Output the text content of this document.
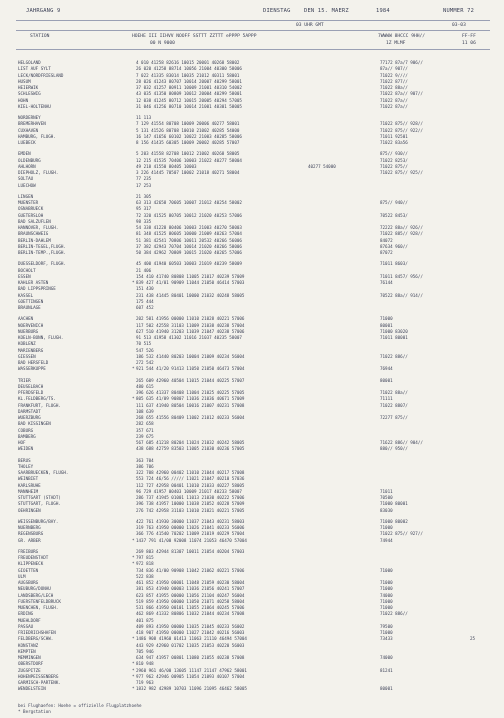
JAHRGANG 9	DIENSTAG DEN 15. MAERZ	1984	NUMMER 72
03 UHR GMT	03-03
STATION	HOEHE III IIHVV NOOFF SSTTT ZZTTT ePPPP 5APPP
00 N 9000
7WWWW 8HCCC 9HH//
1Z MLMF
FF-FF
11 06
HELGOLAND	4 010 41258 82616 10015 20001 40268 58002	77172 87a/7 906//
LIST AUF SYLT	26 020 41258 88714 10056 21004 40300 58006	87a// 907//
LECK/NORDFRIESLAND	7 022 41335 83014 10035 21012 40311 58001	71022 9////
HUSUM	28 026 41243 80707 10014 20007 40299 58001	71022 877//
HEIERWIK	37 032 41257 80911 10009 21001 40310 54002	71022 88a//
SCHLESWIG	43 035 41350 80809 10012 20004 40299 58001	71022 87a// 907//
HOHN	12 038 41245 80712 10015 20005 40294 57005	71022 87a//
KIEL-HOLTENAU	31 046 41256 80710 10014 21001 40301 58005	71022 87a//
NORDERNEY	11 113
BREMERHAVEN	7 129 41554 80708 10009 20006 40277 58001	71022 875// 928//
CUXHAVEN	5 131 41526 80708 10010 21002 40285 54000	71022 875// 922//
HAMBURG, FLUGH.	16 147 41656 60102 10022 21003 40285 58006	71011 92501
LUEBECK	8 156 41435 60305 10009 20002 40285 57007	71022 83a56
EMDEN	5 203 41558 82708 10012 21002 40268 58005	875// 930//
OLDENBURG	12 215 41535 70406 10003 21022 40277 58004	71022 8253/
AHLHORN	49 218 41550 80405 10003	40277 54000	71022 875//
DIEPHOLZ, FLUGH.	3 226 41445 70507 10002 21018 40271 58004	71022 875// 925//
SOLTAU	77 235
LUECHOW	17 253
LINGEN	21 305
MUENSTER	63 313 42658 70605 10007 21012 40254 58002	875// 940//
OSNABRUECK	95 317
GUETERSLOH	72 320 41525 80705 10012 21020 40253 57006	70522 8453/
BAD SALZUFLEN	98 335
HANNOVER, FLUGH.	54 338 41228 80406 10003 21003 40270 58003	72222 88a// 926//
BRAUNSCHWEIG	81 348 41525 80605 10000 21009 40263 57004	71022 885// 928//
BERLIN-DAHLEM	51 381 42541 70806 10011 20532 40266 56006	84072
BERLIN-TEGEL,FLUGH.	37 382 42943 70704 10014 21020 40266 58006	87634 960//
BERLIN-TEMP.,FLUGH.	50 384 42962 70809 10015 21020 40265 57006	87072
DUESSELDORF, FLUGH.	45 400 41940 60503 10003 21019 40239 58009	71011 8603/
BOCHOLT	21 406
ESSEN	154 410 41740 80808 11005 21017 40239 57009	71011 8457/ 956//
KAHLER ASTEN	* 839 427 41/01 90909 11044 21050 46414 57003	76144
BAD LIPPSPRINGE	151 430
KASSEL	231 438 41445 80401 10000 21032 40248 58005	70522 88a// 914//
GOETTINGEN	175 444
BRAUNLAGE	607 452
AACHEN	202 501 41956 00000 11010 21028 40221 57006	71000
NOERVENICH	117 502 42558 31103 11009 21038 40238 57004	80001
NUERBURG	627 510 41940 31203 11039 21047 40238 57006	71000 83020
KOELN-BONN, FLUGH.	91 513 41958 41302 11016 21037 40235 58007	71011 80001
KOBLENZ	70 515
MARIENBERG	547 526
GIESSEN	186 532 41440 80203 10004 21009 40234 56004	71022 886//
BAD HERSFELD	272 542
WASSERKUPPE	* 921 544 41/20 91413 11050 21050 46473 57004	76944
TRIER	265 609 42960 40504 11015 21044 40225 57007	80001
DEUSELBACH	480 615
PFERDSFELD	396 626 41337 80408 11004 21025 40225 57005	71022 88a//
KL.FELDBERG/TS.	* 805 635 41/09 90807 11036 21036 40671 57009	71111
FRANKFURT, FLUGH.	111 637 41940 80504 10016 21007 40231 57008	71022 8807/
DARMSTADT	108 639
WUERZBURG	268 655 41556 80409 11002 21012 40233 56004	72277 875//
BAD KISSINGEN	282 658
COBURG	357 671
BAMBERG	239 675
HOF	567 685 41218 80204 11024 21032 40242 58005	71622 886// 904//
WEIDEN	438 688 42759 83503 11005 21030 40236 57005	880// 950//
BERUS	363 704
THOLEY	386 706
SAARBRUECKEN, FLUGH.	322 708 42960 00402 11010 21044 40217 57008
WEINBIET	553 724 46/56 ///// 11021 21047 40210 57036
KARLSRUHE	112 727 42958 00401 11010 21033 40227 58005
MANNHEIM	96 729 41957 00403 10009 21017 40233 58007	71011
STUTTGART (STADT)	286 737 41945 01001 11013 21030 40222 57006	70500
STUTTGART, FLUGH.	396 738 41957 10000 11038 21052 40228 57009	71000 80001
OEHRINGEN	276 742 42958 31103 11010 21021 40221 57005	83030
WEISSENBURG/BAY.	422 761 41930 30000 11037 21043 40231 58003	71000 80002
NUERNBERG	319 763 41950 00000 11026 21041 40233 56006	71000
REGENSBURG	366 776 41540 70202 11009 21019 40229 57004	71022 875// 927//
GR. ARBER	* 1437 791 41/00 92008 11074 21053 46470 57004	74944
FREIBURG	269 803 42944 81307 10011 21054 40204 57003
FREUDENSTADT	* 797 815
KLIPPENECK	* 972 818
GIOETTEN	734 836 41/00 90908 11042 21062 40221 57006	71000
ULM	522 838
AUGSBURG	461 852 41950 00001 11048 21059 40230 58004	71000
NEUBURG/DONAU	381 853 41940 00003 11036 21056 40241 57007	71000
LANDSBERG/LECH	623 857 41955 00000 11056 21104 40247 56004	74000
FUERSTENFELDBRUCK	519 859 41950 00000 11050 21071 40258 58004	71000
MUENCHEN, FLUGH.	531 866 41950 00101 11055 21064 40245 57006	71000
ERDING	462 869 41332 80806 11032 21044 40234 57008	71022 886//
MUEHLDORF	401 875
PASSAU	409 893 41950 00000 11035 21045 40233 56002	79500
FRIEDRICHSHAFEN	418 907 41950 00000 11027 21042 40216 56003	71000
FELDBERG/SCHW.	* 1486 908 41960 01413 11063 21110 46494 57004	73433	25
KONSTANZ	443 929 42960 01702 11035 21053 40220 56003
KEMPTEN	705 946
MEMMINGEN	634 947 41957 00801 11080 21055 40238 57008	74000
OBERSTDORF	* 810 948
ZUGSPITZE	* 2960 961 46/00 13605 11147 21147 47962 58001	81241
HOHENPEISSENBERG	* 977 962 42946 00905 11054 21093 40107 57004
GARMISCH-PARTENK.	719 963
WENDELSTEIN	* 1832 982 42989 10703 11096 21095 46462 58005	80001
bei Flughaefen: Hoehe = offizielle Flugplatzhoehe
* Bergstation
